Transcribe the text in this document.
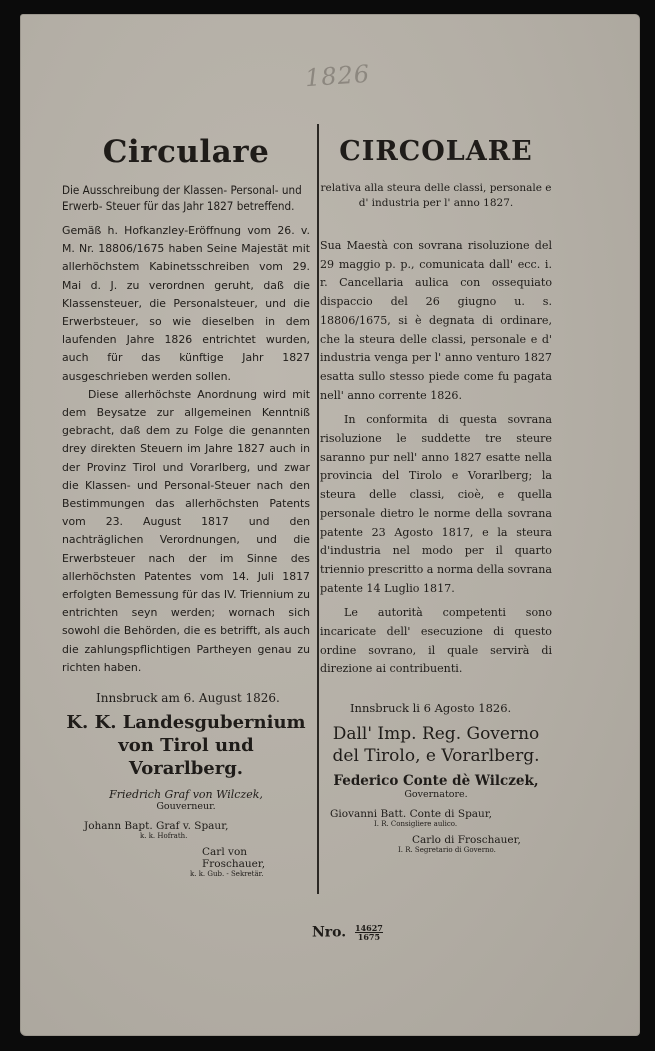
1826
Circulare

Die Ausschreibung der Klassen- Personal- und Erwerb- Steuer für das Jahr 1827 betreffend.

Gemäß h. Hofkanzley-Eröffnung vom 26. v. M. Nr. 18806/1675 haben Seine Majestät mit allerhöchstem Kabinetsschreiben vom 29. Mai d. J. zu verordnen geruht, daß die Klassensteuer, die Personalsteuer, und die Erwerbsteuer, so wie dieselben in dem laufenden Jahre 1826 entrichtet wurden, auch für das künftige Jahr 1827 ausgeschrieben werden sollen.

Diese allerhöchste Anordnung wird mit dem Beysatze zur allgemeinen Kenntniß gebracht, daß dem zu Folge die genannten drey direkten Steuern im Jahre 1827 auch in der Provinz Tirol und Vorarlberg, und zwar die Klassen- und Personal-Steuer nach den Bestimmungen das allerhöchsten Patents vom 23. August 1817 und den nachträglichen Verordnungen, und die Erwerbsteuer nach der im Sinne des allerhöchsten Patentes vom 14. Juli 1817 erfolgten Bemessung für das IV. Triennium zu entrichten seyn werden; wornach sich sowohl die Behörden, die es betrifft, als auch die zahlungspflichtigen Partheyen genau zu richten haben.

Innsbruck am 6. August 1826.

K. K. Landesgubernium von Tirol und Vorarlberg.

Friedrich Graf von Wilczek,

Gouverneur.

Johann Bapt. Graf v. Spaur,

k. k. Hofrath.

Carl von Froschauer,

k. k. Gub. - Sekretär.

CIRCOLARE

relativa alla steura delle classi, personale e d' industria per l' anno 1827.

Sua Maestà con sovrana risoluzione del 29 maggio p. p., comunicata dall' ecc. i. r. Cancellaria aulica con ossequiato dispaccio del 26 giugno u. s. 18806/1675, si è degnata di ordinare, che la steura delle classi, personale e d' industria venga per l' anno venturo 1827 esatta sullo stesso piede come fu pagata nell' anno corrente 1826.

In conformita di questa sovrana risoluzione le suddette tre steure saranno pur nell' anno 1827 esatte nella provincia del Tirolo e Vorarlberg; la steura delle classi, cioè, e quella personale dietro le norme della sovrana patente 23 Agosto 1817, e la steura d'industria nel modo per il quarto triennio prescritto a norma della sovrana patente 14 Luglio 1817.

Le autorità competenti sono incaricate dell' esecuzione di questo ordine sovrano, il quale servirà di direzione ai contribuenti.

Innsbruck li 6 Agosto 1826.

Dall' Imp. Reg. Governo del Tirolo, e Vorarlberg.

Federico Conte dè Wilczek,

Governatore.

Giovanni Batt. Conte di Spaur,

I. R. Consigliere aulico.

Carlo di Froschauer,

I. R. Segretario di Governo.

Nro. $\frac{14627}{1675}$
